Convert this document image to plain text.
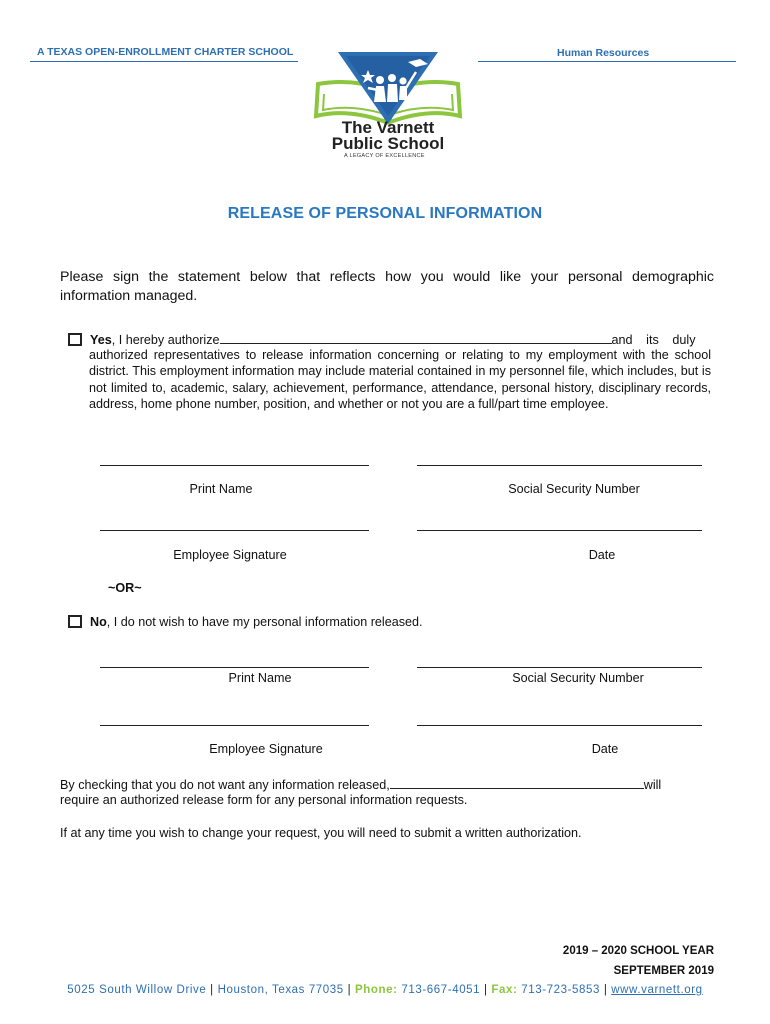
A TEXAS OPEN-ENROLLMENT CHARTER SCHOOL	Human Resources
The Varnett
Public School
A LEGACY OF EXCELLENCE
RELEASE OF PERSONAL INFORMATION
Please sign the statement below that reflects how you would like your personal demographic information managed.
Yes, I hereby authorize	and its duly
authorized representatives to release information concerning or relating to my employment with the school district. This employment information may include material contained in my personnel file, which includes, but is not limited to, academic, salary, achievement, performance, attendance, personal history, disciplinary records, address, home phone number, position, and whether or not you are a full/part time employee.
Print Name	Social Security Number
Employee Signature	Date
~OR~
No, I do not wish to have my personal information released.
Print Name	Social Security Number
Employee Signature	Date
By checking that you do not want any information released,	will
require an authorized release form for any personal information requests.
If at any time you wish to change your request, you will need to submit a written authorization.
2019 – 2020 SCHOOL YEAR
SEPTEMBER 2019
5025 South Willow Drive | Houston, Texas 77035 | Phone: 713-667-4051 | Fax: 713-723-5853 | www.varnett.org
